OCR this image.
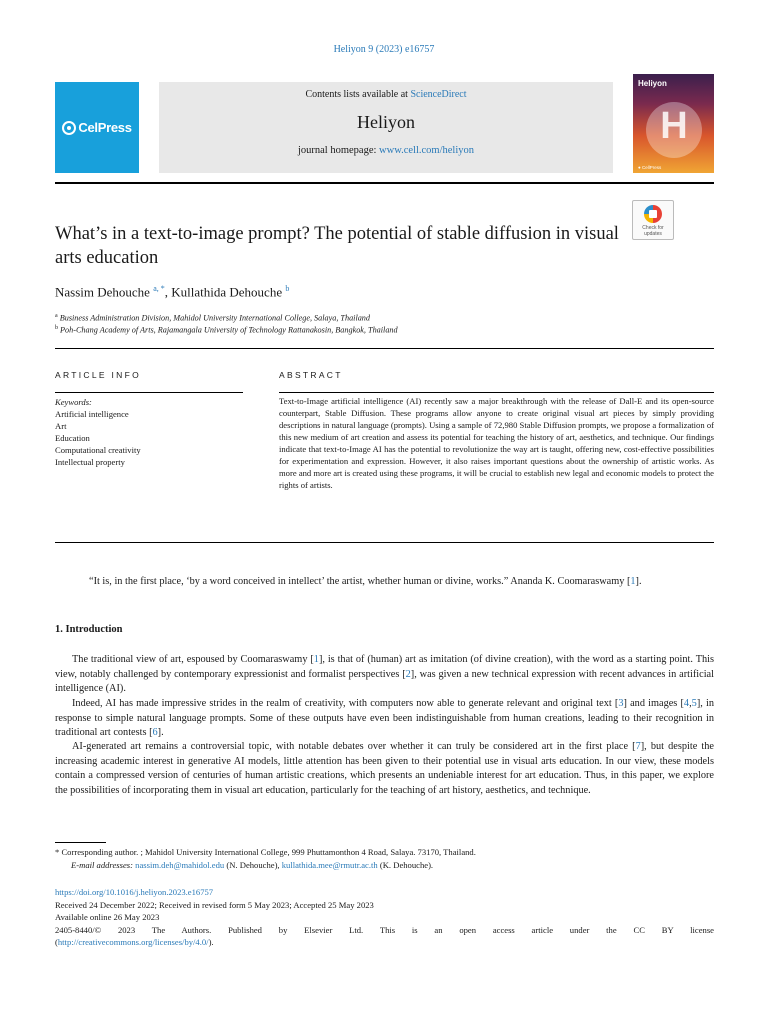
Heliyon 9 (2023) e16757
CelPress
Contents lists available at ScienceDirect
Heliyon
journal homepage: www.cell.com/heliyon
Heliyon
H
● CellPress
What’s in a text-to-image prompt? The potential of stable diffusion in visual arts education
Check for updates
Nassim Dehouche $^{a, *}$, Kullathida Dehouche $^b$
$^a$ Business Administration Division, Mahidol University International College, Salaya, Thailand
$^b$ Poh-Chang Academy of Arts, Rajamangala University of Technology Rattanakosin, Bangkok, Thailand
ARTICLE INFO
Keywords:
Artificial intelligence
Art
Education
Computational creativity
Intellectual property
ABSTRACT
Text-to-Image artificial intelligence (AI) recently saw a major breakthrough with the release of Dall-E and its open-source counterpart, Stable Diffusion. These programs allow anyone to create original visual art pieces by simply providing descriptions in natural language (prompts). Using a sample of 72,980 Stable Diffusion prompts, we propose a formalization of this new medium of art creation and assess its potential for teaching the history of art, aesthetics, and technique. Our findings indicate that text-to-Image AI has the potential to revolutionize the way art is taught, offering new, cost-effective possibilities for experimentation and expression. However, it also raises important questions about the ownership of artistic works. As more and more art is created using these programs, it will be crucial to establish new legal and economic models to protect the rights of artists.
“It is, in the first place, ‘by a word conceived in intellect’ the artist, whether human or divine, works.” Ananda K. Coomaraswamy [1].
1. Introduction
The traditional view of art, espoused by Coomaraswamy [1], is that of (human) art as imitation (of divine creation), with the word as a starting point. This view, notably challenged by contemporary expressionist and formalist perspectives [2], was given a new technical expression with recent advances in artificial intelligence (AI).
Indeed, AI has made impressive strides in the realm of creativity, with computers now able to generate relevant and original text [3] and images [4,5], in response to simple natural language prompts. Some of these outputs have even been indistinguishable from human creations, leading to their recognition in traditional art contests [6].
AI-generated art remains a controversial topic, with notable debates over whether it can truly be considered art in the first place [7], but despite the increasing academic interest in generative AI models, little attention has been given to their potential use in visual arts education. In our view, these models contain a compressed version of centuries of human artistic creations, which presents an undeniable interest for art education. Thus, in this paper, we explore the possibilities of incorporating them in visual art education, particularly for the teaching of art history, aesthetics, and technique.
* Corresponding author. ; Mahidol University International College, 999 Phuttamonthon 4 Road, Salaya. 73170, Thailand.
E-mail addresses: nassim.deh@mahidol.edu (N. Dehouche), kullathida.mee@rmutr.ac.th (K. Dehouche).
https://doi.org/10.1016/j.heliyon.2023.e16757
Received 24 December 2022; Received in revised form 5 May 2023; Accepted 25 May 2023
Available online 26 May 2023
2405-8440/© 2023 The Authors. Published by Elsevier Ltd. This is an open access article under the CC BY license
(http://creativecommons.org/licenses/by/4.0/).
